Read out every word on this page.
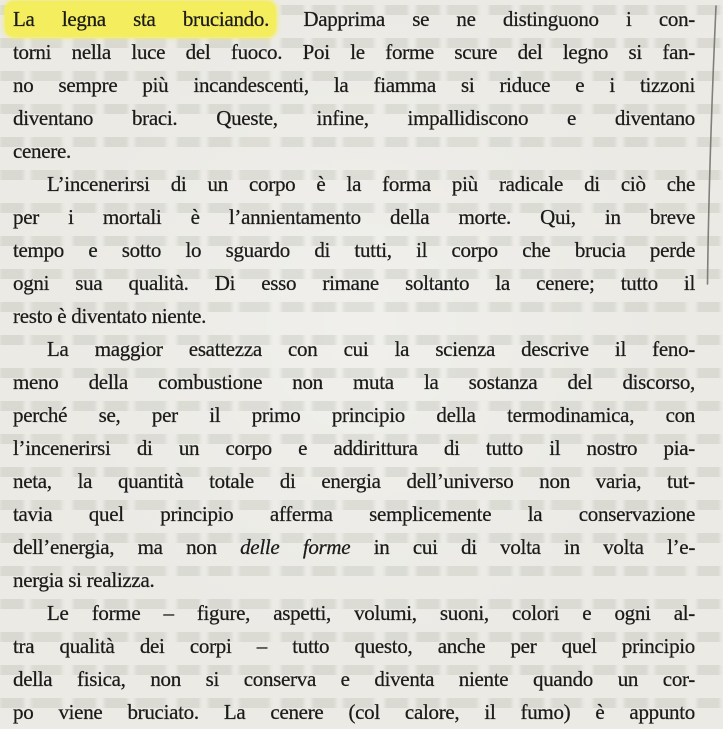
La legna sta bruciando. Dapprima se ne distinguono i con-
torni nella luce del fuoco. Poi le forme scure del legno si fan-
no sempre più incandescenti, la fiamma si riduce e i tizzoni
diventano braci. Queste, infine, impallidiscono e diventano
cenere.
L’incenerirsi di un corpo è la forma più radicale di ciò che
per i mortali è l’annientamento della morte. Qui, in breve
tempo e sotto lo sguardo di tutti, il corpo che brucia perde
ogni sua qualità. Di esso rimane soltanto la cenere; tutto il
resto è diventato niente.
La maggior esattezza con cui la scienza descrive il feno-
meno della combustione non muta la sostanza del discorso,
perché se, per il primo principio della termodinamica, con
l’incenerirsi di un corpo e addirittura di tutto il nostro pia-
neta, la quantità totale di energia dell’universo non varia, tut-
tavia quel principio afferma semplicemente la conservazione
dell’energia, ma non delle forme in cui di volta in volta l’e-
nergia si realizza.
Le forme – figure, aspetti, volumi, suoni, colori e ogni al-
tra qualità dei corpi – tutto questo, anche per quel principio
della fisica, non si conserva e diventa niente quando un cor-
po viene bruciato. La cenere (col calore, il fumo) è appunto
